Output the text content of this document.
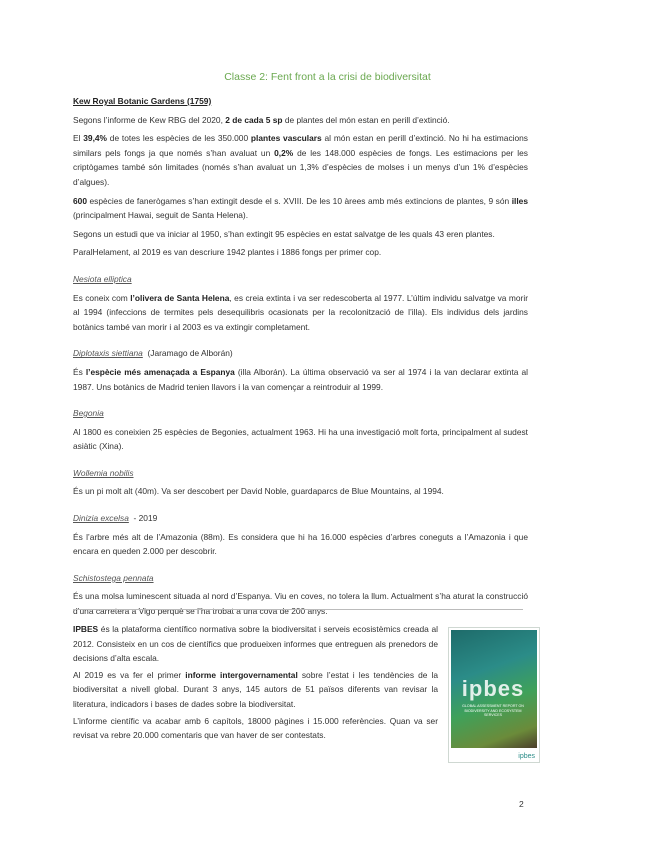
Classe 2: Fent front a la crisi de biodiversitat

Kew Royal Botanic Gardens (1759)

Segons l’informe de Kew RBG del 2020, 2 de cada 5 sp de plantes del món estan en perill d’extinció.

El 39,4% de totes les espècies de les 350.000 plantes vasculars al món estan en perill d’extinció. No hi ha estimacions similars pels fongs ja que només s’han avaluat un 0,2% de les 148.000 espècies de fongs. Les estimacions per les criptògames també són limitades (només s’han avaluat un 1,3% d’espècies de molses i un menys d’un 1% d’espècies d’algues).

600 espècies de fanerògames s’han extingit desde el s. XVIII. De les 10 àrees amb més extincions de plantes, 9 són illes (principalment Hawai, seguit de Santa Helena).

Segons un estudi que va iniciar al 1950, s’han extingit 95 espècies en estat salvatge de les quals 43 eren plantes.

ParalHelament, al 2019 es van descriure 1942 plantes i 1886 fongs per primer cop.

Nesiota elliptica

Es coneix com l’olivera de Santa Helena, es creia extinta i va ser redescoberta al 1977. L’últim individu salvatge va morir al 1994 (infeccions de termites pels desequilibris ocasionats per la recolonització de l’illa). Els individus dels jardins botànics també van morir i al 2003 es va extingir completament.

Diplotaxis siettiana (Jaramago de Alborán)

És l’espècie més amenaçada a Espanya (illa Alborán). La última observació va ser al 1974 i la van declarar extinta al 1987. Uns botànics de Madrid tenien llavors i la van començar a reintroduir al 1999.

Begonia

Al 1800 es coneixien 25 espècies de Begonies, actualment 1963. Hi ha una investigació molt forta, principalment al sudest asiàtic (Xina).

Wollemia nobilis

És un pi molt alt (40m). Va ser descobert per David Noble, guardaparcs de Blue Mountains, al 1994.

Dinizia excelsa - 2019

És l’arbre més alt de l’Amazonia (88m). Es considera que hi ha 16.000 espècies d’arbres coneguts a l’Amazonia i que encara en queden 2.000 per descobrir.

Schistostega pennata

És una molsa luminescent situada al nord d’Espanya. Viu en coves, no tolera la llum. Actualment s’ha aturat la construcció d’una carretera a Vigo perquè se l’ha trobat a una cova de 200 anys.

IPBES és la plataforma científico normativa sobre la biodiversitat i serveis ecosistèmics creada al 2012. Consisteix en un cos de científics que produeixen informes que entreguen als prenedors de decisions d’alta escala.

Al 2019 es va fer el primer informe intergovernamental sobre l’estat i les tendències de la biodiversitat a nivell global. Durant 3 anys, 145 autors de 51 països diferents van revisar la literatura, indicadors i bases de dades sobre la biodiversitat.

L’informe científic va acabar amb 6 capítols, 18000 pàgines i 15.000 referències. Quan va ser revisat va rebre 20.000 comentaris que van haver de ser contestats.

ipbes
GLOBAL ASSESSMENT REPORT ON BIODIVERSITY AND ECOSYSTEM SERVICES
ipbes
2
